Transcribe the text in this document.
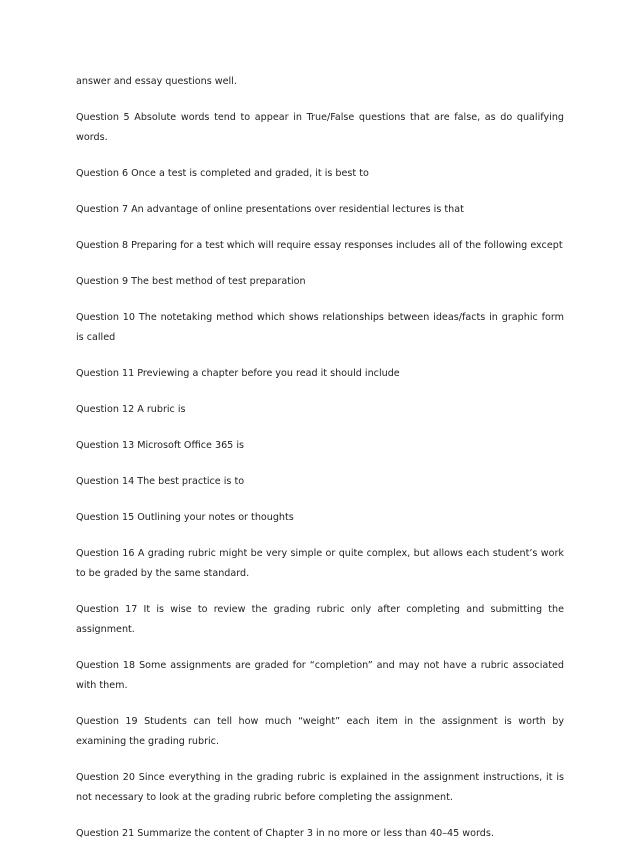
answer and essay questions well.

Question 5 Absolute words tend to appear in True/False questions that are false, as do qualifying words.

Question 6 Once a test is completed and graded, it is best to

Question 7 An advantage of online presentations over residential lectures is that

Question 8 Preparing for a test which will require essay responses includes all of the following except

Question 9 The best method of test preparation

Question 10 The notetaking method which shows relationships between ideas/facts in graphic form is called

Question 11 Previewing a chapter before you read it should include

Question 12 A rubric is

Question 13 Microsoft Office 365 is

Question 14 The best practice is to

Question 15 Outlining your notes or thoughts

Question 16 A grading rubric might be very simple or quite complex, but allows each student’s work to be graded by the same standard.

Question 17 It is wise to review the grading rubric only after completing and submitting the assignment.

Question 18 Some assignments are graded for “completion” and may not have a rubric associated with them.

Question 19 Students can tell how much “weight” each item in the assignment is worth by examining the grading rubric.

Question 20 Since everything in the grading rubric is explained in the assignment instructions, it is not necessary to look at the grading rubric before completing the assignment.

Question 21 Summarize the content of Chapter 3 in no more or less than 40–45 words.
